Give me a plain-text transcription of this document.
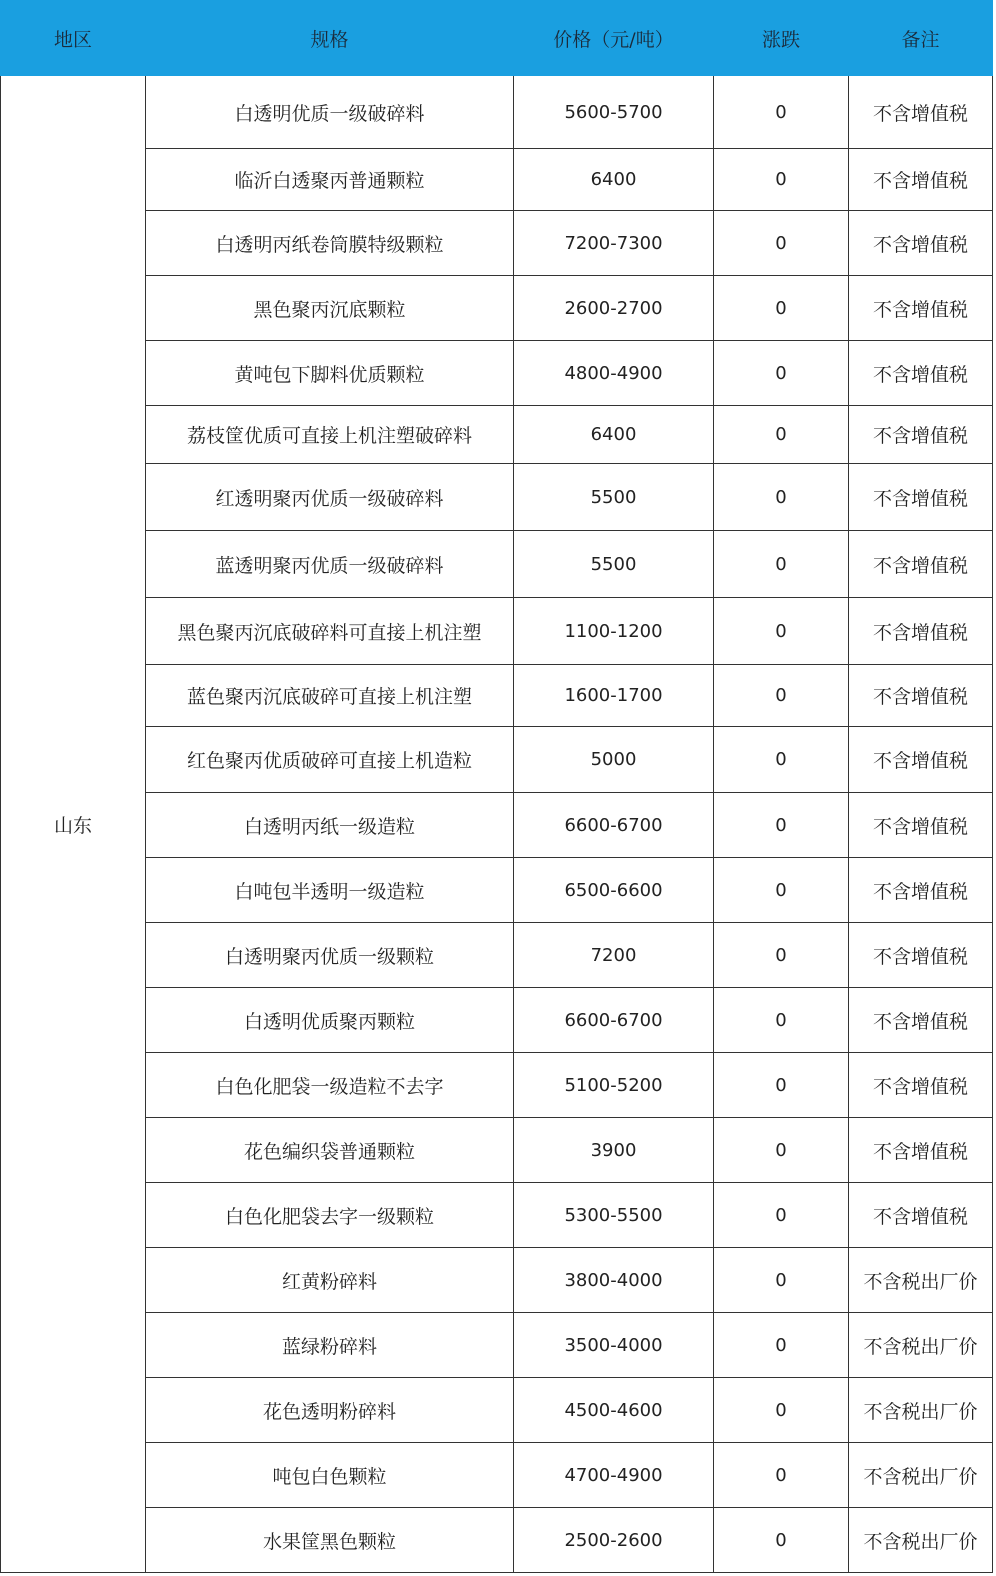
地区	规格	价格（元/吨）	涨跌	备注
山东	白透明优质一级破碎料	5600-5700	0	不含增值税
	临沂白透聚丙普通颗粒	6400	0	不含增值税
	白透明丙纸卷筒膜特级颗粒	7200-7300	0	不含增值税
	黑色聚丙沉底颗粒	2600-2700	0	不含增值税
	黄吨包下脚料优质颗粒	4800-4900	0	不含增值税
	荔枝筐优质可直接上机注塑破碎料	6400	0	不含增值税
	红透明聚丙优质一级破碎料	5500	0	不含增值税
	蓝透明聚丙优质一级破碎料	5500	0	不含增值税
	黑色聚丙沉底破碎料可直接上机注塑	1100-1200	0	不含增值税
	蓝色聚丙沉底破碎可直接上机注塑	1600-1700	0	不含增值税
	红色聚丙优质破碎可直接上机造粒	5000	0	不含增值税
	白透明丙纸一级造粒	6600-6700	0	不含增值税
	白吨包半透明一级造粒	6500-6600	0	不含增值税
	白透明聚丙优质一级颗粒	7200	0	不含增值税
	白透明优质聚丙颗粒	6600-6700	0	不含增值税
	白色化肥袋一级造粒不去字	5100-5200	0	不含增值税
	花色编织袋普通颗粒	3900	0	不含增值税
	白色化肥袋去字一级颗粒	5300-5500	0	不含增值税
	红黄粉碎料	3800-4000	0	不含税出厂价
	蓝绿粉碎料	3500-4000	0	不含税出厂价
	花色透明粉碎料	4500-4600	0	不含税出厂价
	吨包白色颗粒	4700-4900	0	不含税出厂价
	水果筐黑色颗粒	2500-2600	0	不含税出厂价
